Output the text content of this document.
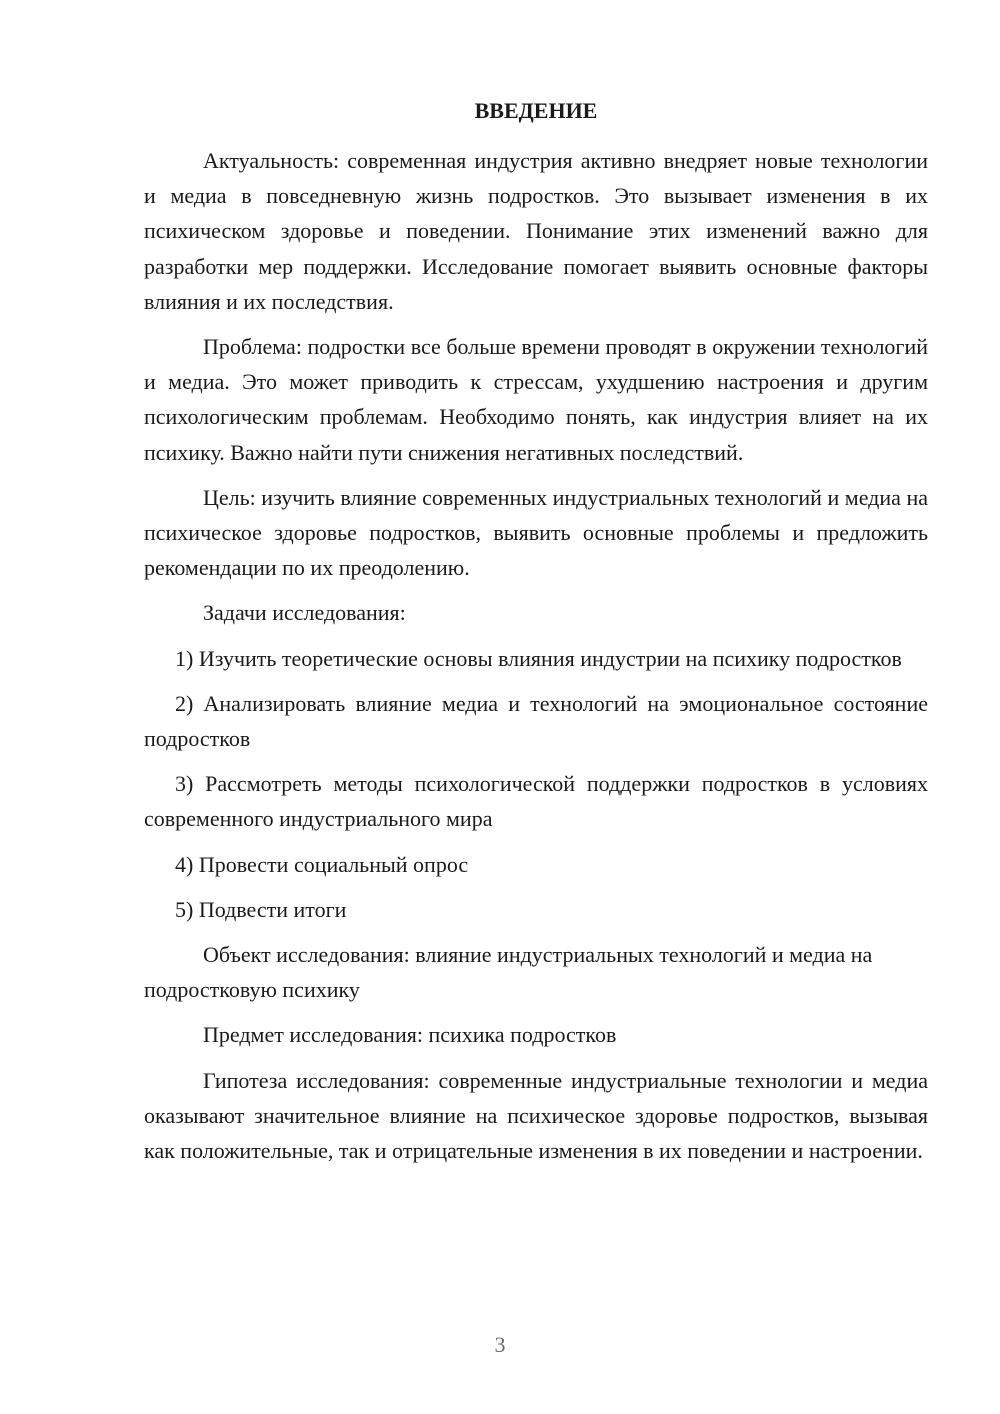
ВВЕДЕНИЕ

Актуальность: современная индустрия активно внедряет новые технологии и медиа в повседневную жизнь подростков. Это вызывает изменения в их психическом здоровье и поведении. Понимание этих изменений важно для разработки мер поддержки. Исследование помогает выявить основные факторы влияния и их последствия.

Проблема: подростки все больше времени проводят в окружении технологий и медиа. Это может приводить к стрессам, ухудшению настроения и другим психологическим проблемам. Необходимо понять, как индустрия влияет на их психику. Важно найти пути снижения негативных последствий.

Цель: изучить влияние современных индустриальных технологий и медиа на психическое здоровье подростков, выявить основные проблемы и предложить рекомендации по их преодолению.

Задачи исследования:

1) Изучить теоретические основы влияния индустрии на психику подростков

2) Анализировать влияние медиа и технологий на эмоциональное состояние подростков

3) Рассмотреть методы психологической поддержки подростков в условиях современного индустриального мира

4) Провести социальный опрос

5) Подвести итоги

Объект исследования: влияние индустриальных технологий и медиа на подростковую психику

Предмет исследования: психика подростков

Гипотеза исследования: современные индустриальные технологии и медиа оказывают значительное влияние на психическое здоровье подростков, вызывая как положительные, так и отрицательные изменения в их поведении и настроении.

3
